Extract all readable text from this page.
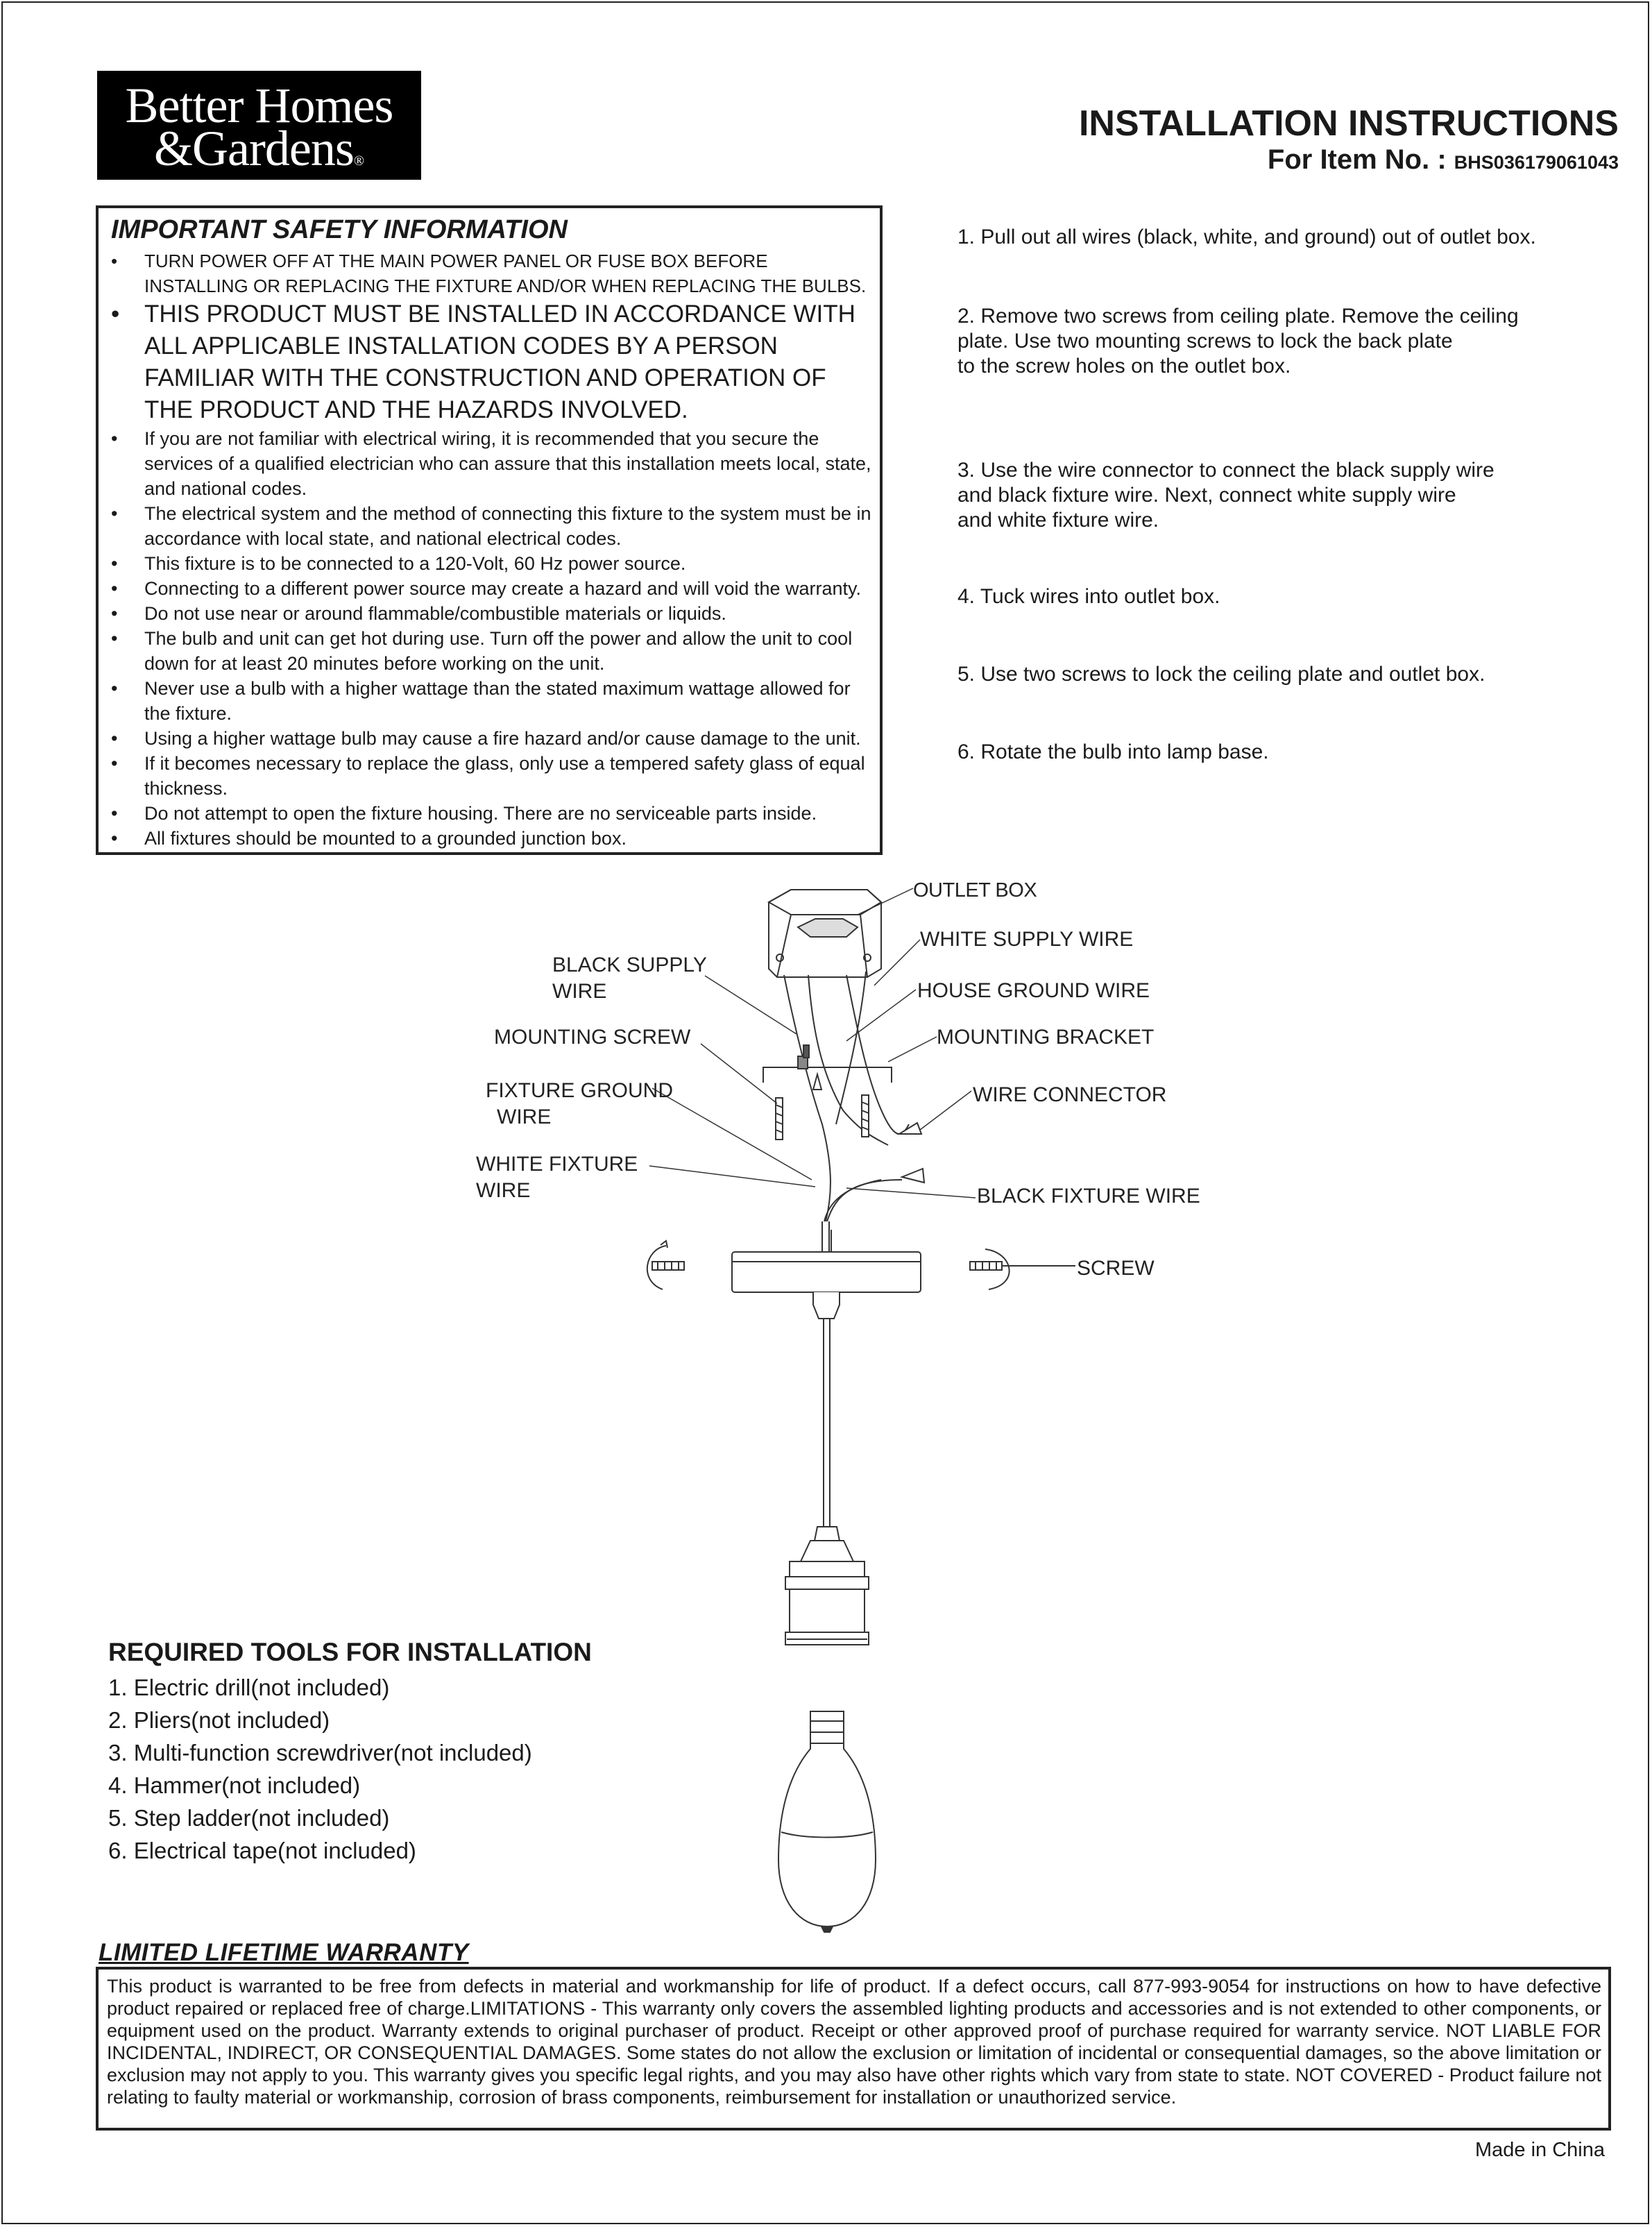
Better Homes
&Gardens®
INSTALLATION INSTRUCTIONS
For Item No. : BHS036179061043
IMPORTANT SAFETY INFORMATION
• TURN POWER OFF AT THE MAIN POWER PANEL OR FUSE BOX BEFORE INSTALLING OR REPLACING THE FIXTURE AND/OR WHEN REPLACING THE BULBS.
• THIS PRODUCT MUST BE INSTALLED IN ACCORDANCE WITH ALL APPLICABLE INSTALLATION CODES BY A PERSON FAMILIAR WITH THE CONSTRUCTION AND OPERATION OF THE PRODUCT AND THE HAZARDS INVOLVED.
• If you are not familiar with electrical wiring, it is recommended that you secure the services of a qualified electrician who can assure that this installation meets local, state, and national codes.
• The electrical system and the method of connecting this fixture to the system must be in accordance with local state, and national electrical codes.
• This fixture is to be connected to a 120-Volt, 60 Hz power source.
• Connecting to a different power source may create a hazard and will void the warranty.
• Do not use near or around flammable/combustible materials or liquids.
• The bulb and unit can get hot during use. Turn off the power and allow the unit to cool down for at least 20 minutes before working on the unit.
• Never use a bulb with a higher wattage than the stated maximum wattage allowed for the fixture.
• Using a higher wattage bulb may cause a fire hazard and/or cause damage to the unit.
• If it becomes necessary to replace the glass, only use a tempered safety glass of equal thickness.
• Do not attempt to open the fixture housing. There are no serviceable parts inside.
• All fixtures should be mounted to a grounded junction box.
1. Pull out all wires (black, white, and ground) out of outlet box.
2. Remove two screws from ceiling plate. Remove the ceiling
plate. Use two mounting screws to lock the back plate
to the screw holes on the outlet box.
3. Use the wire connector to connect the black supply wire
and black fixture wire. Next, connect white supply wire
and white fixture wire.
4. Tuck wires into outlet box.
5. Use two screws to lock the ceiling plate and outlet box.
6. Rotate the bulb into lamp base.
OUTLET BOX
WHITE SUPPLY WIRE
BLACK SUPPLY
WIRE	HOUSE GROUND WIRE
MOUNTING SCREW	MOUNTING BRACKET
FIXTURE GROUND
WIRE
WIRE CONNECTOR
WHITE FIXTURE
WIRE	BLACK FIXTURE WIRE
SCREW
REQUIRED TOOLS FOR INSTALLATION
1. Electric drill(not included)
2. Pliers(not included)
3. Multi-function screwdriver(not included)
4. Hammer(not included)
5. Step ladder(not included)
6. Electrical tape(not included)
LIMITED LIFETIME WARRANTY
This product is warranted to be free from defects in material and workmanship for life of product. If a defect occurs, call 877-993-9054 for instructions on how to have defective product repaired or replaced free of charge.LIMITATIONS - This warranty only covers the assembled lighting products and accessories and is not extended to other components, or equipment used on the product. Warranty extends to original purchaser of product. Receipt or other approved proof of purchase required for warranty service. NOT LIABLE FOR INCIDENTAL, INDIRECT, OR CONSEQUENTIAL DAMAGES. Some states do not allow the exclusion or limitation of incidental or consequential damages, so the above limitation or exclusion may not apply to you. This warranty gives you specific legal rights, and you may also have other rights which vary from state to state. NOT COVERED - Product failure not relating to faulty material or workmanship, corrosion of brass components, reimbursement for installation or unauthorized service.
Made in China
